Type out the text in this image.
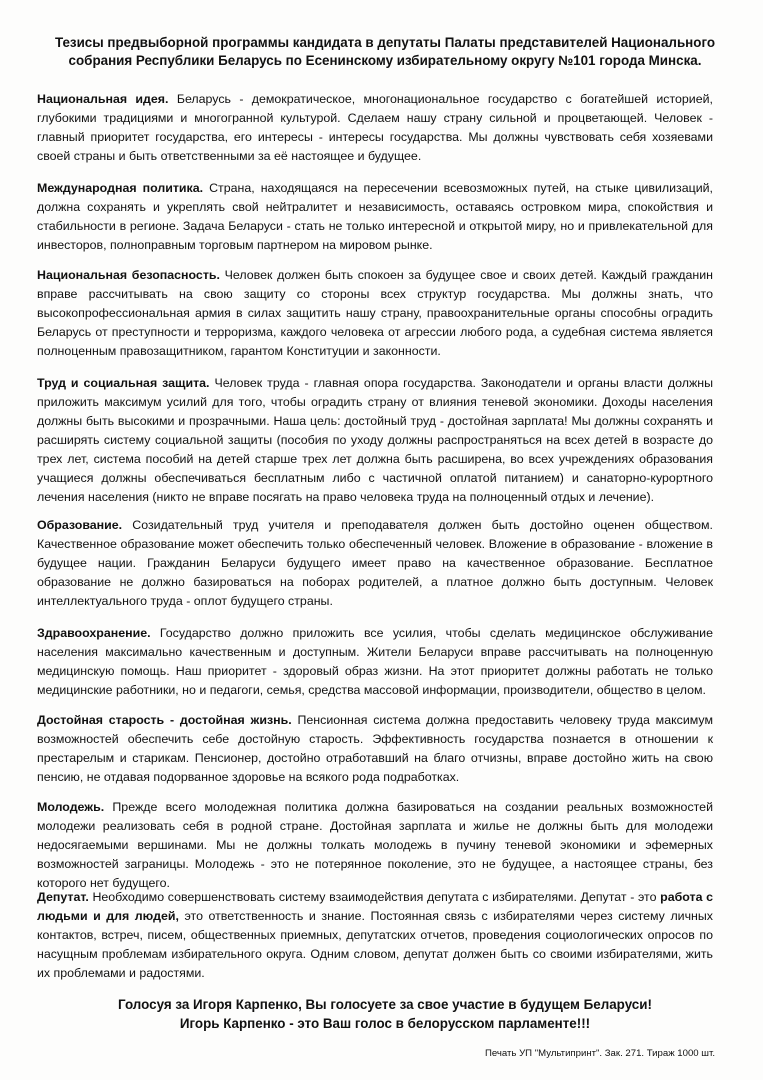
Тезисы предвыборной программы кандидата в депутаты Палаты представителей Национального
собрания Республики Беларусь по Есенинскому избирательному округу №101 города Минска.

Национальная идея. Беларусь - демократическое, многонациональное государство с богатейшей историей, глубокими традициями и многогранной культурой. Сделаем нашу страну сильной и процветающей. Человек - главный приоритет государства, его интересы - интересы государства. Мы должны чувствовать себя хозяевами своей страны и быть ответственными за её настоящее и будущее.

Международная политика. Страна, находящаяся на пересечении всевозможных путей, на стыке цивилизаций, должна сохранять и укреплять свой нейтралитет и независимость, оставаясь островком мира, спокойствия и стабильности в регионе. Задача Беларуси - стать не только интересной и открытой миру, но и привлекательной для инвесторов, полноправным торговым партнером на мировом рынке.

Национальная безопасность. Человек должен быть спокоен за будущее свое и своих детей. Каждый гражданин вправе рассчитывать на свою защиту со стороны всех структур государства. Мы должны знать, что высокопрофессиональная армия в силах защитить нашу страну, правоохранительные органы способны оградить Беларусь от преступности и терроризма, каждого человека от агрессии любого рода, а судебная система является полноценным правозащитником, гарантом Конституции и законности.

Труд и социальная защита. Человек труда - главная опора государства. Законодатели и органы власти должны приложить максимум усилий для того, чтобы оградить страну от влияния теневой экономики. Доходы населения должны быть высокими и прозрачными. Наша цель: достойный труд - достойная зарплата! Мы должны сохранять и расширять систему социальной защиты (пособия по уходу должны распространяться на всех детей в возрасте до трех лет, система пособий на детей старше трех лет должна быть расширена, во всех учреждениях образования учащиеся должны обеспечиваться бесплатным либо с частичной оплатой питанием) и санаторно-курортного лечения населения (никто не вправе посягать на право человека труда на полноценный отдых и лечение).

Образование. Созидательный труд учителя и преподавателя должен быть достойно оценен обществом. Качественное образование может обеспечить только обеспеченный человек. Вложение в образование - вложение в будущее нации. Гражданин Беларуси будущего имеет право на качественное образование. Бесплатное образование не должно базироваться на поборах родителей, а платное должно быть доступным. Человек интеллектуального труда - оплот будущего страны.

Здравоохранение. Государство должно приложить все усилия, чтобы сделать медицинское обслуживание населения максимально качественным и доступным. Жители Беларуси вправе рассчитывать на полноценную медицинскую помощь. Наш приоритет - здоровый образ жизни. На этот приоритет должны работать не только медицинские работники, но и педагоги, семья, средства массовой информации, производители, общество в целом.

Достойная старость - достойная жизнь. Пенсионная система должна предоставить человеку труда максимум возможностей обеспечить себе достойную старость. Эффективность государства познается в отношении к престарелым и старикам. Пенсионер, достойно отработавший на благо отчизны, вправе достойно жить на свою пенсию, не отдавая подорванное здоровье на всякого рода подработках.

Молодежь. Прежде всего молодежная политика должна базироваться на создании реальных возможностей молодежи реализовать себя в родной стране. Достойная зарплата и жилье не должны быть для молодежи недосягаемыми вершинами. Мы не должны толкать молодежь в пучину теневой экономики и эфемерных возможностей заграницы. Молодежь - это не потерянное поколение, это не будущее, а настоящее страны, без которого нет будущего.

Депутат. Необходимо совершенствовать систему взаимодействия депутата с избирателями. Депутат - это работа с людьми и для людей, это ответственность и знание. Постоянная связь с избирателями через систему личных контактов, встреч, писем, общественных приемных, депутатских отчетов, проведения социологических опросов по насущным проблемам избирательного округа. Одним словом, депутат должен быть со своими избирателями, жить их проблемами и радостями.

Голосуя за Игоря Карпенко, Вы голосуете за свое участие в будущем Беларуси!
Игорь Карпенко - это Ваш голос в белорусском парламенте!!!

Печать УП "Мультипринт". Зак. 271. Тираж 1000 шт.
